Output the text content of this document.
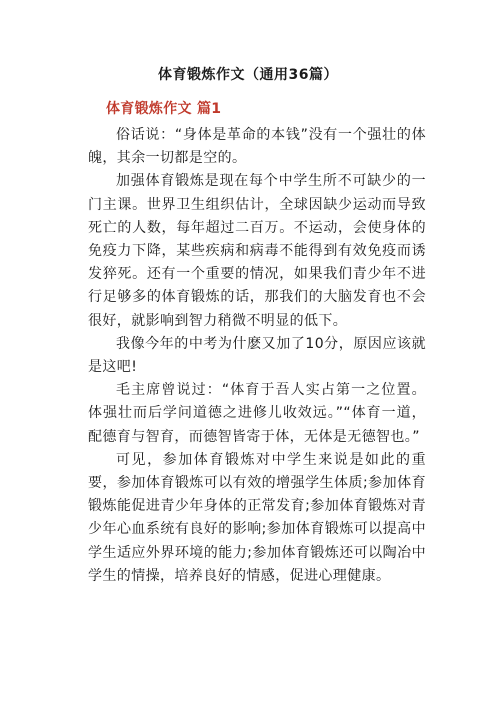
体育锻炼作文（通用36篇）
体育锻炼作文 篇1

俗话说：“身体是革命的本钱”没有一个强壮的体魄，其余一切都是空的。

加强体育锻炼是现在每个中学生所不可缺少的一门主课。世界卫生组织估计，全球因缺少运动而导致死亡的人数，每年超过二百万。不运动，会使身体的免疫力下降，某些疾病和病毒不能得到有效免疫而诱发猝死。还有一个重要的情况，如果我们青少年不进行足够多的体育锻炼的话，那我们的大脑发育也不会很好，就影响到智力稍微不明显的低下。

我像今年的中考为什麽又加了10分，原因应该就是这吧!

毛主席曾说过：“体育于吾人实占第一之位置。体强壮而后学问道德之进修儿收效远。”“体育一道，配德育与智育，而德智皆寄于体，无体是无德智也。”

可见，参加体育锻炼对中学生来说是如此的重要，参加体育锻炼可以有效的增强学生体质;参加体育锻炼能促进青少年身体的正常发育;参加体育锻炼对青少年心血系统有良好的影响;参加体育锻炼可以提高中学生适应外界环境的能力;参加体育锻炼还可以陶冶中学生的情操，培养良好的情感，促进心理健康。
